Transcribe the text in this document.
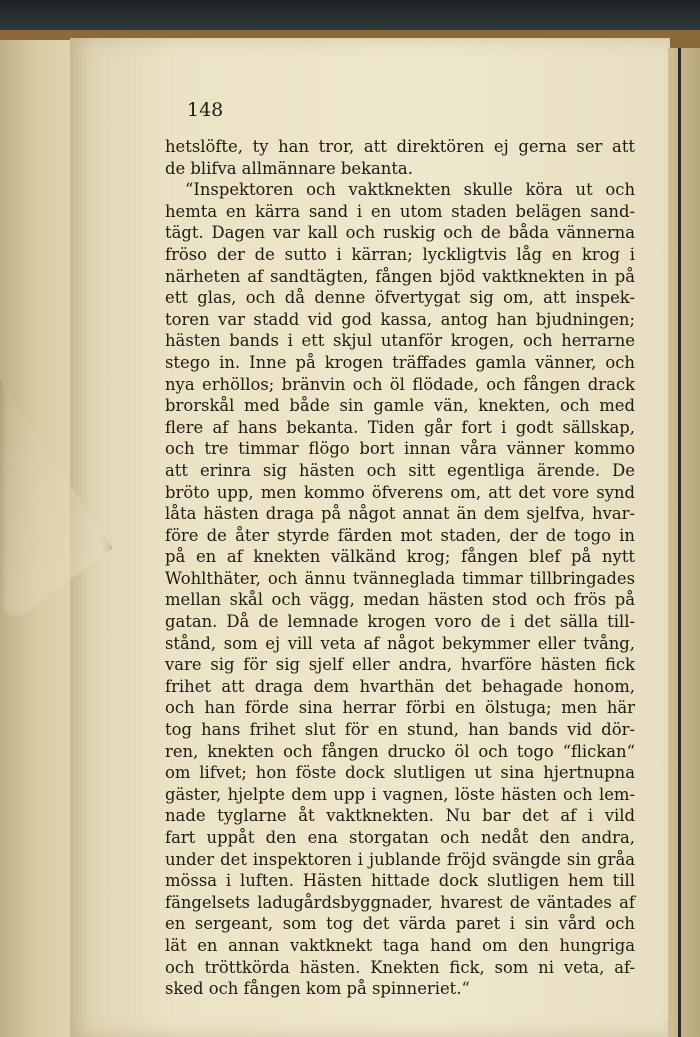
148
hetslöfte, ty han tror, att direktören ej gerna ser att
de blifva allmännare bekanta.
“Inspektoren och vaktknekten skulle köra ut och
hemta en kärra sand i en utom staden belägen sand-
tägt. Dagen var kall och ruskig och de båda vännerna
fröso der de sutto i kärran; lyckligtvis låg en krog i
närheten af sandtägten, fången bjöd vaktknekten in på
ett glas, och då denne öfvertygat sig om, att inspek-
toren var stadd vid god kassa, antog han bjudningen;
hästen bands i ett skjul utanför krogen, och herrarne
stego in. Inne på krogen träffades gamla vänner, och
nya erhöllos; bränvin och öl flödade, och fången drack
brorskål med både sin gamle vän, knekten, och med
flere af hans bekanta. Tiden går fort i godt sällskap,
och tre timmar flögo bort innan våra vänner kommo
att erinra sig hästen och sitt egentliga ärende. De
bröto upp, men kommo öfverens om, att det vore synd
låta hästen draga på något annat än dem sjelfva, hvar-
före de åter styrde färden mot staden, der de togo in
på en af knekten välkänd krog; fången blef på nytt
Wohlthäter, och ännu tvänneglada timmar tillbringades
mellan skål och vägg, medan hästen stod och frös på
gatan. Då de lemnade krogen voro de i det sälla till-
stånd, som ej vill veta af något bekymmer eller tvång,
vare sig för sig sjelf eller andra, hvarföre hästen fick
frihet att draga dem hvarthän det behagade honom,
och han förde sina herrar förbi en ölstuga; men här
tog hans frihet slut för en stund, han bands vid dör-
ren, knekten och fången drucko öl och togo “flickan“
om lifvet; hon föste dock slutligen ut sina hjertnupna
gäster, hjelpte dem upp i vagnen, löste hästen och lem-
nade tyglarne åt vaktknekten. Nu bar det af i vild
fart uppåt den ena storgatan och nedåt den andra,
under det inspektoren i jublande fröjd svängde sin gråa
mössa i luften. Hästen hittade dock slutligen hem till
fängelsets ladugårdsbyggnader, hvarest de väntades af
en sergeant, som tog det värda paret i sin vård och
lät en annan vaktknekt taga hand om den hungriga
och tröttkörda hästen. Knekten fick, som ni veta, af-
sked och fången kom på spinneriet.“
